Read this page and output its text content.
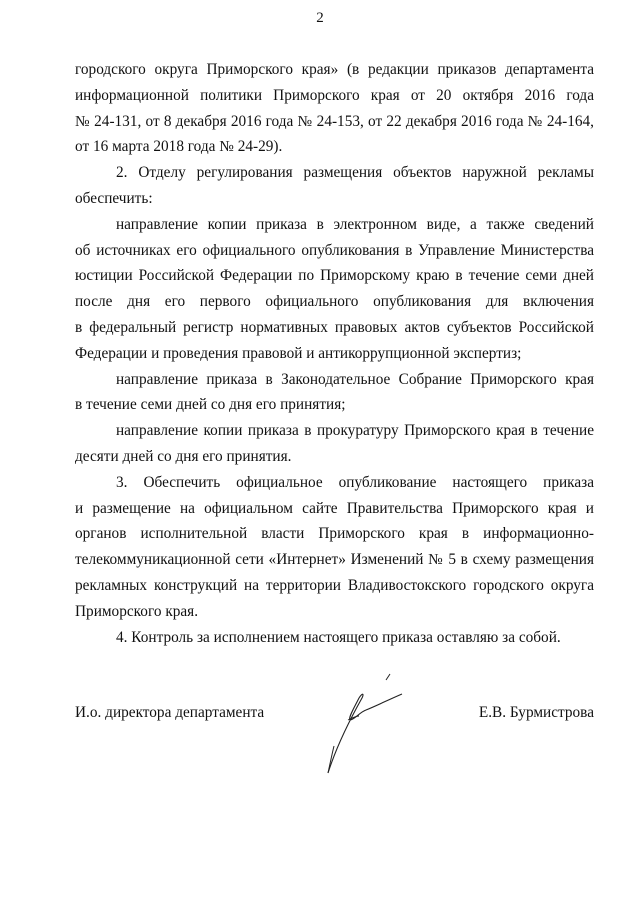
2
городского округа Приморского края» (в редакции приказов департамента
информационной политики Приморского края от 20 октября 2016 года
№ 24-131, от 8 декабря 2016 года № 24-153, от 22 декабря 2016 года № 24-164,
от 16 марта 2018 года № 24-29).
2. Отделу регулирования размещения объектов наружной рекламы
обеспечить:
направление копии приказа в электронном виде, а также сведений
об источниках его официального опубликования в Управление Министерства
юстиции Российской Федерации по Приморскому краю в течение семи дней
после дня его первого официального опубликования для включения
в федеральный регистр нормативных правовых актов субъектов Российской
Федерации и проведения правовой и антикоррупционной экспертиз;
направление приказа в Законодательное Собрание Приморского края
в течение семи дней со дня его принятия;
направление копии приказа в прокуратуру Приморского края в течение
десяти дней со дня его принятия.
3. Обеспечить официальное опубликование настоящего приказа
и размещение на официальном сайте Правительства Приморского края и
органов исполнительной власти Приморского края в информационно-
телекоммуникационной сети «Интернет» Изменений № 5 в схему размещения
рекламных конструкций на территории Владивостокского городского округа
Приморского края.
4. Контроль за исполнением настоящего приказа оставляю за собой.
И.о. директора департамента	Е.В. Бурмистрова
